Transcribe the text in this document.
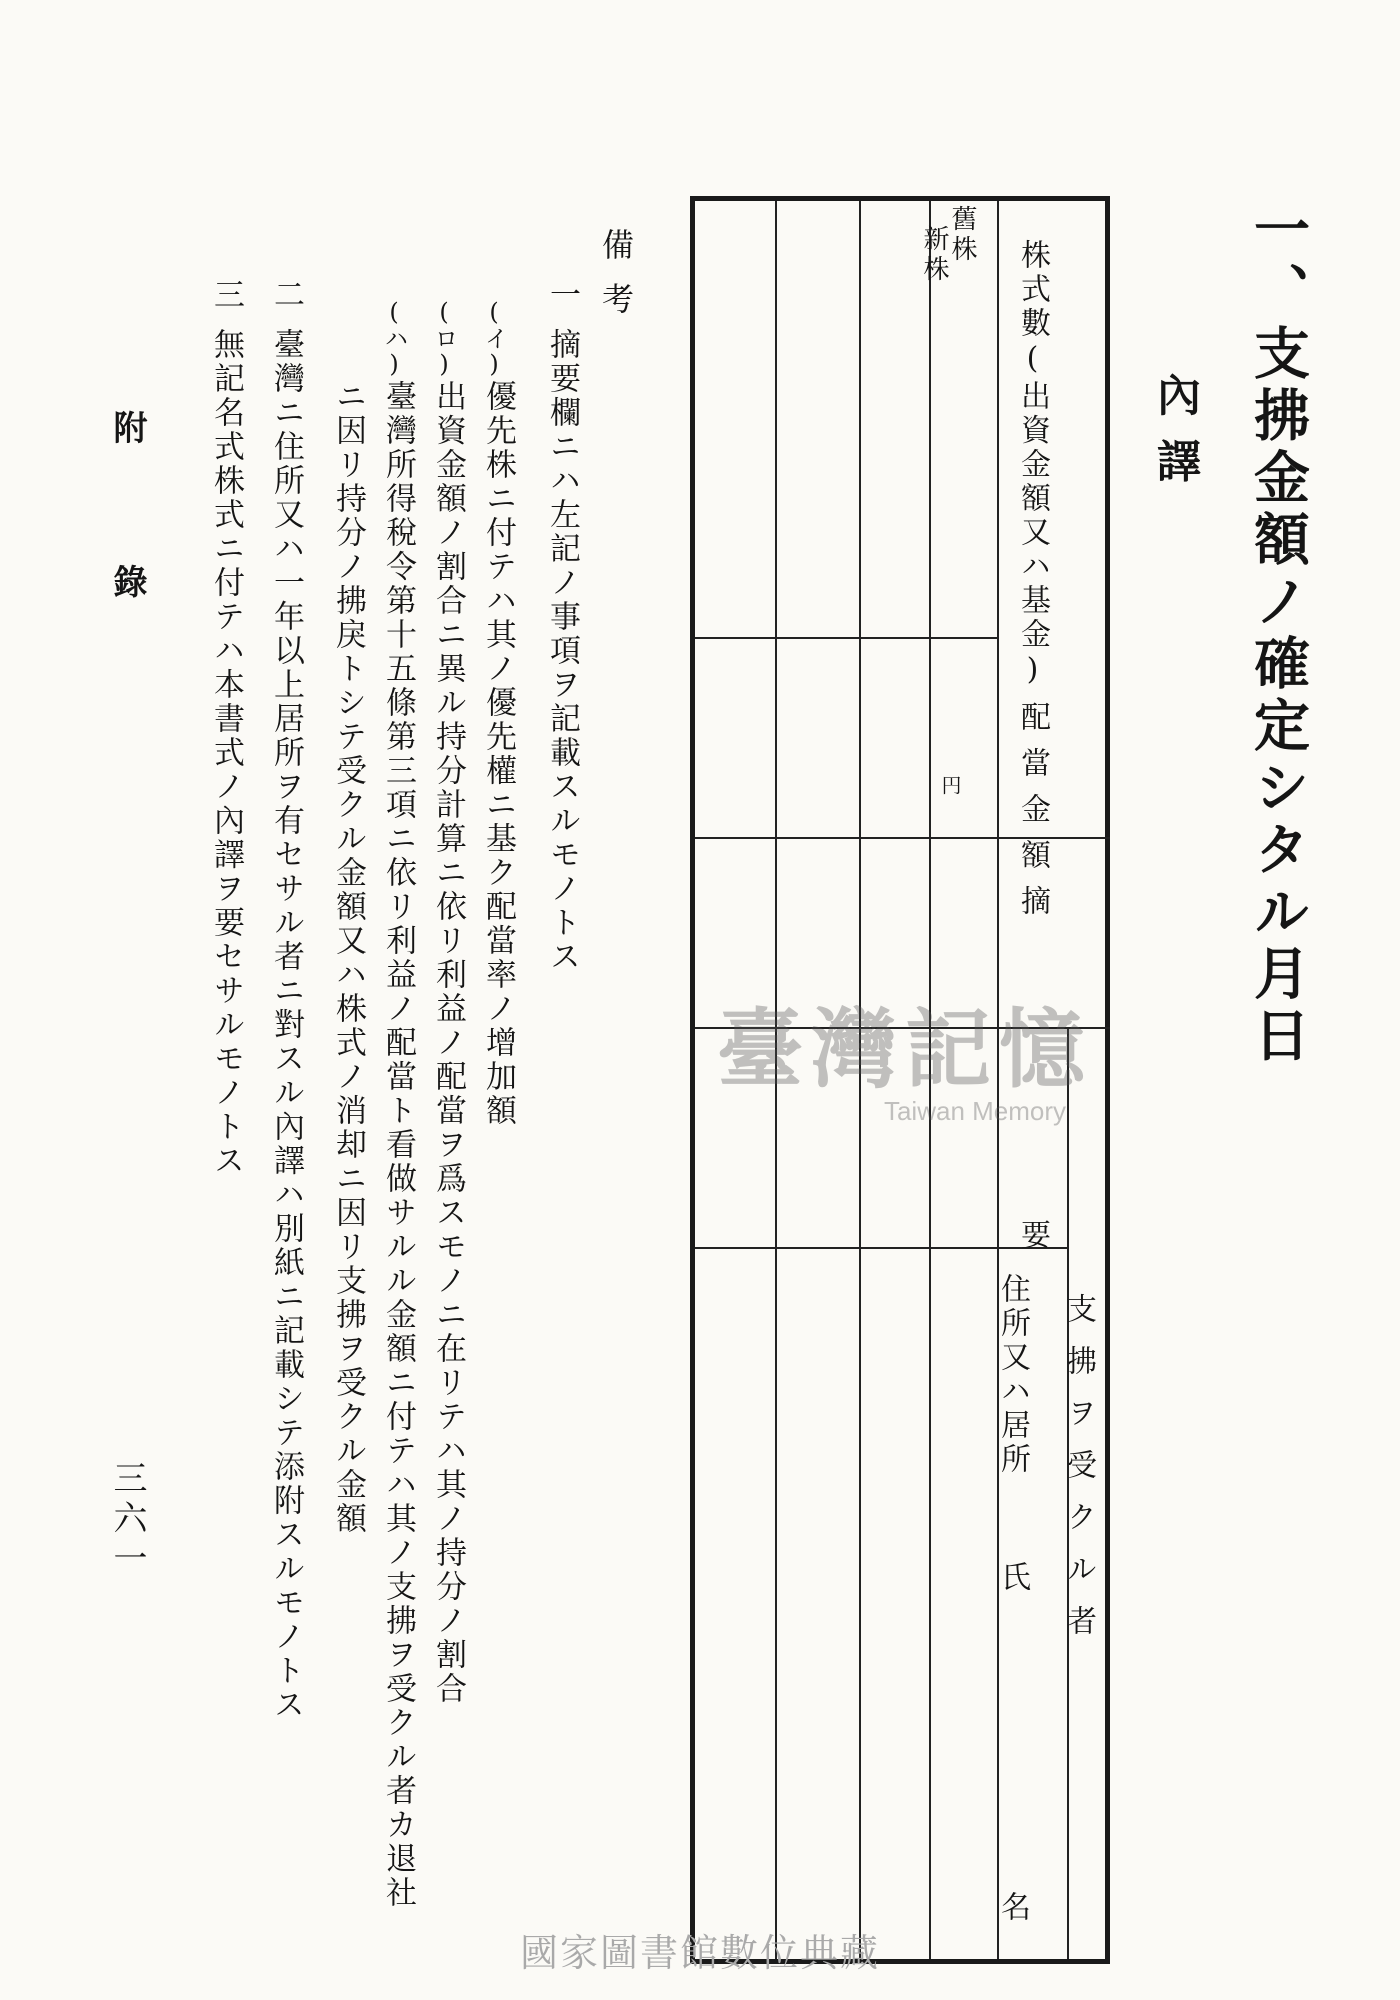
一、支拂金額ノ確定シタル月日
內譯
株式數(出資金額又ハ基金)
舊株
新株
配當金額
円
摘
要
支拂ヲ受クル者
住所又ハ居所
氏
名
臺灣記憶
Taiwan Memory
備考
一
摘要欄ニハ左記ノ事項ヲ記載スルモノトス
(イ)
優先株ニ付テハ其ノ優先權ニ基ク配當率ノ增加額
(ロ)
出資金額ノ割合ニ異ル持分計算ニ依リ利益ノ配當ヲ爲スモノニ在リテハ其ノ持分ノ割合
(ハ)
臺灣所得稅令第十五條第三項ニ依リ利益ノ配當ト看做サルル金額ニ付テハ其ノ支拂ヲ受クル者カ退社
ニ因リ持分ノ拂戾トシテ受クル金額又ハ株式ノ消却ニ因リ支拂ヲ受クル金額
二
臺灣ニ住所又ハ一年以上居所ヲ有セサル者ニ對スル內譯ハ別紙ニ記載シテ添附スルモノトス
三
無記名式株式ニ付テハ本書式ノ內譯ヲ要セサルモノトス
附錄
三六一
國家圖書館數位典藏
